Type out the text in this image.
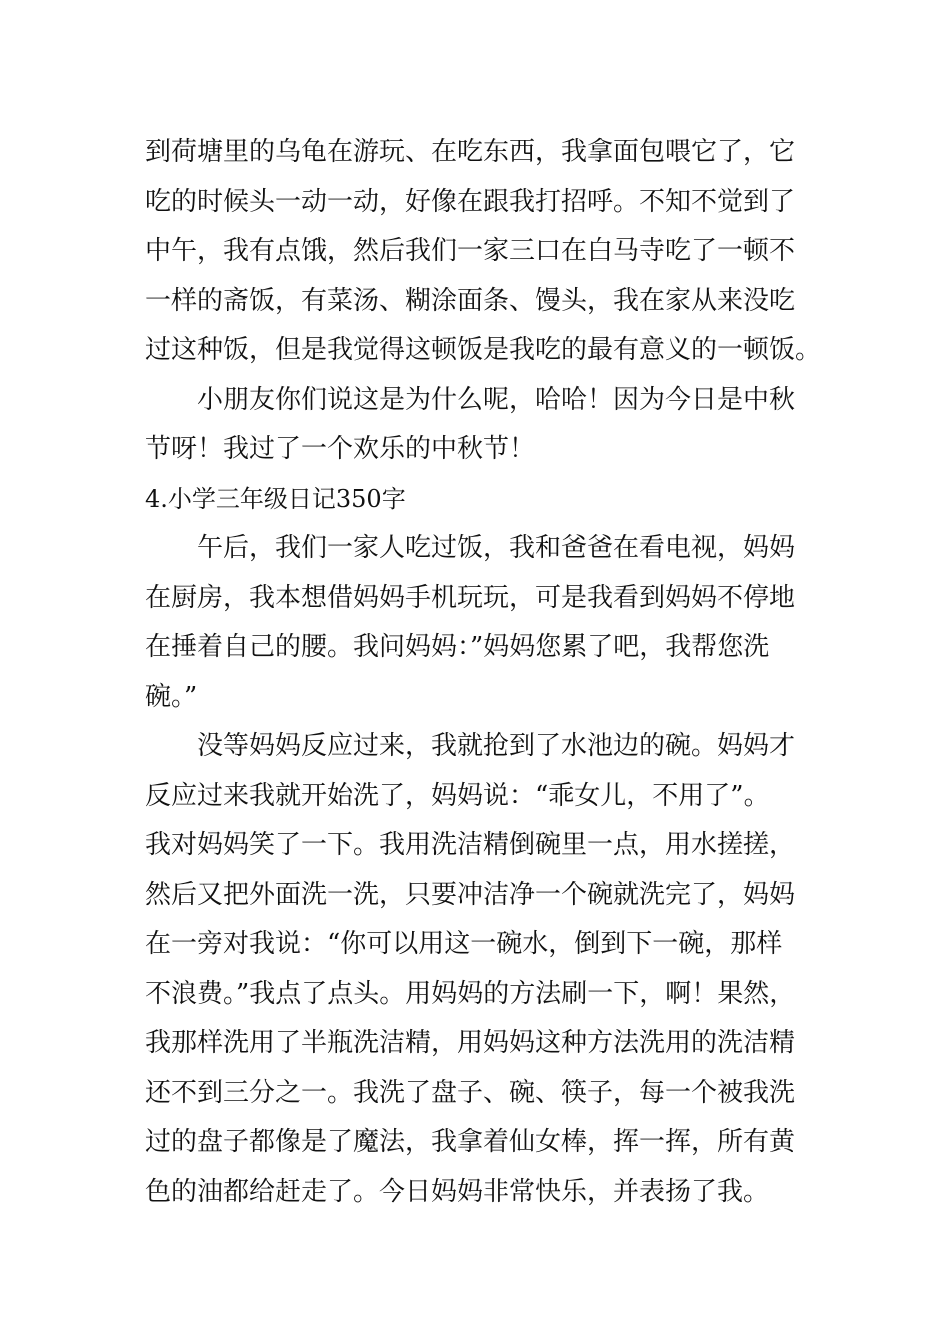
到荷塘里的乌龟在游玩、在吃东西，我拿面包喂它了，它
吃的时候头一动一动，好像在跟我打招呼。不知不觉到了
中午，我有点饿，然后我们一家三口在白马寺吃了一顿不
一样的斋饭，有菜汤、糊涂面条、馒头，我在家从来没吃
过这种饭，但是我觉得这顿饭是我吃的最有意义的一顿饭。
小朋友你们说这是为什么呢，哈哈！因为今日是中秋
节呀！我过了一个欢乐的中秋节！
4.小学三年级日记350字
午后，我们一家人吃过饭，我和爸爸在看电视，妈妈
在厨房，我本想借妈妈手机玩玩，可是我看到妈妈不停地
在捶着自己的腰。我问妈妈：”妈妈您累了吧，我帮您洗
碗。”
没等妈妈反应过来，我就抢到了水池边的碗。妈妈才
反应过来我就开始洗了，妈妈说：“乖女儿，不用了”。
我对妈妈笑了一下。我用洗洁精倒碗里一点，用水搓搓，
然后又把外面洗一洗，只要冲洁净一个碗就洗完了，妈妈
在一旁对我说：“你可以用这一碗水，倒到下一碗，那样
不浪费。”我点了点头。用妈妈的方法刷一下，啊！果然，
我那样洗用了半瓶洗洁精，用妈妈这种方法洗用的洗洁精
还不到三分之一。我洗了盘子、碗、筷子，每一个被我洗
过的盘子都像是了魔法，我拿着仙女棒，挥一挥，所有黄
色的油都给赶走了。今日妈妈非常快乐，并表扬了我。
